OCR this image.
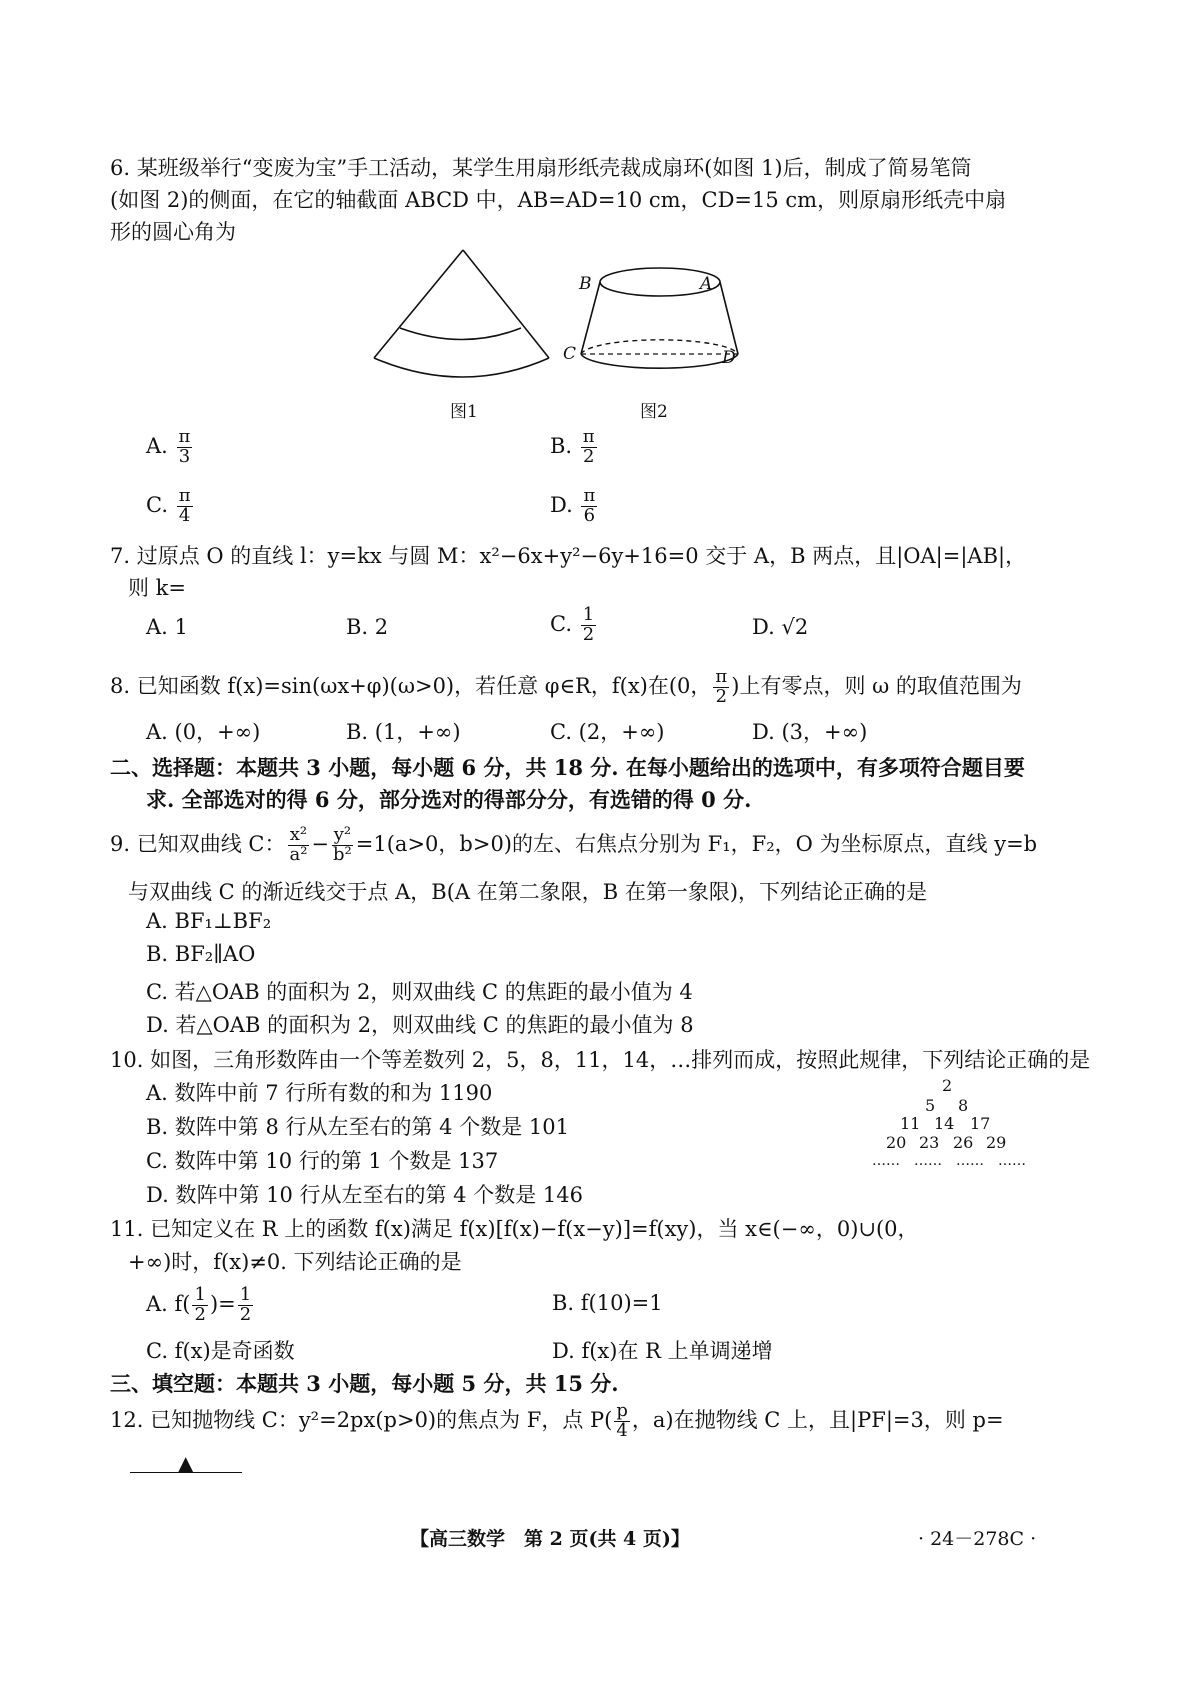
6. 某班级举行“变废为宝”手工活动，某学生用扇形纸壳裁成扇环(如图 1)后，制成了简易笔筒
(如图 2)的侧面，在它的轴截面 ABCD 中，AB=AD=10 cm，CD=15 cm，则原扇形纸壳中扇
形的圆心角为
图1
B	A
C	D
图2
A. $\frac{\pi}{3}$	B. $\frac{\pi}{2}$
C. $\frac{\pi}{4}$	D. $\frac{\pi}{6}$
7. 过原点 O 的直线 l：y=kx 与圆 M：x²−6x+y²−6y+16=0 交于 A，B 两点，且|OA|=|AB|，
则 k=
A. 1	B. 2	C. $\frac{1}{2}$	D. √2
8. 已知函数 f(x)=sin(ωx+φ)(ω>0)，若任意 φ∈R，f(x)在(0， $\frac{\pi}{2}$ )上有零点，则 ω 的取值范围为
A. (0，+∞)	B. (1，+∞)	C. (2，+∞)	D. (3，+∞)
二、选择题：本题共 3 小题，每小题 6 分，共 18 分. 在每小题给出的选项中，有多项符合题目要
求. 全部选对的得 6 分，部分选对的得部分分，有选错的得 0 分.
9. 已知双曲线 C： $\frac{\text{x²}}{\text{a²}} - \frac{\text{y²}}{\text{b²}} =1(a>0$，b>0)的左、右焦点分别为 F₁，F₂，O 为坐标原点，直线 y=b
与双曲线 C 的渐近线交于点 A，B(A 在第二象限，B 在第一象限)，下列结论正确的是
A. BF₁⊥BF₂
B. BF₂∥AO
C. 若△OAB 的面积为 2，则双曲线 C 的焦距的最小值为 4
D. 若△OAB 的面积为 2，则双曲线 C 的焦距的最小值为 8
10. 如图，三角形数阵由一个等差数列 2，5，8，11，14，…排列而成，按照此规律，下列结论正确的是
A. 数阵中前 7 行所有数的和为 1190
B. 数阵中第 8 行从左至右的第 4 个数是 101
C. 数阵中第 10 行的第 1 个数是 137
D. 数阵中第 10 行从左至右的第 4 个数是 146
2
5 8
11 14 17
20 23 26 29
……　……　……　……
11. 已知定义在 R 上的函数 f(x)满足 f(x)[f(x)−f(x−y)]=f(xy)，当 x∈(−∞，0)∪(0，
+∞)时，f(x)≠0. 下列结论正确的是
A. $f( \frac{1}{2}$ )= $\frac{1}{2}$	B. f(10)=1
C. f(x)是奇函数	D. f(x)在 R 上单调递增
三、填空题：本题共 3 小题，每小题 5 分，共 15 分.
12. 已知抛物线 C：y²=2px(p>0)的焦点为 F，点 $P( \frac{p}{4}$ ，a)在抛物线 C 上，且|PF|=3，则 p=
▲
【高三数学　第 2 页(共 4 页)】	· 24－278C ·
